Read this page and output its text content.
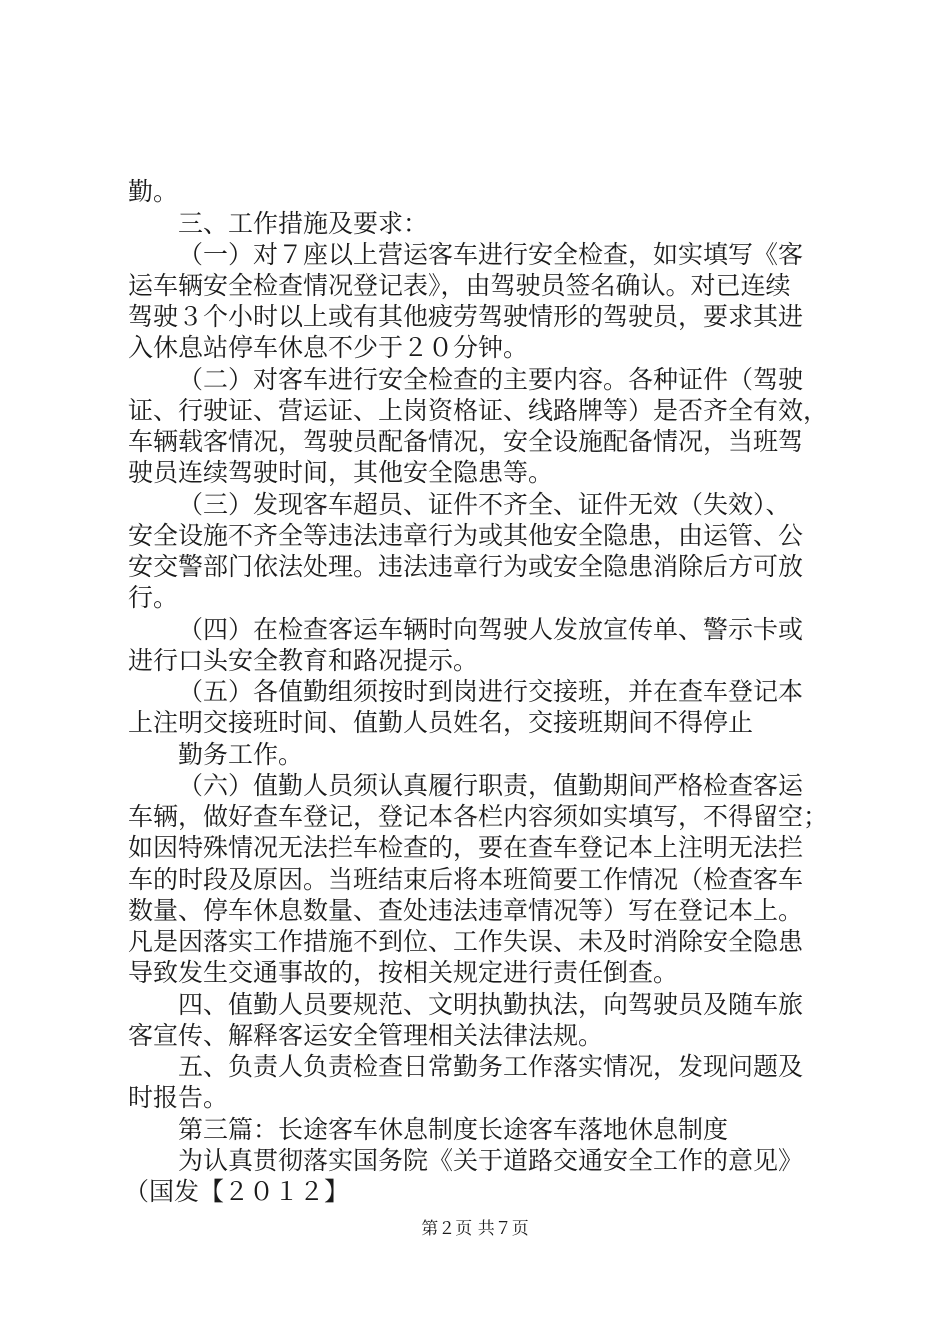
勤。
三、工作措施及要求：
（一）对７座以上营运客车进行安全检查，如实填写《客
运车辆安全检查情况登记表》，由驾驶员签名确认。对已连续
驾驶３个小时以上或有其他疲劳驾驶情形的驾驶员，要求其进
入休息站停车休息不少于２０分钟。
（二）对客车进行安全检查的主要内容。各种证件（驾驶
证、行驶证、营运证、上岗资格证、线路牌等）是否齐全有效，
车辆载客情况，驾驶员配备情况，安全设施配备情况，当班驾
驶员连续驾驶时间，其他安全隐患等。
（三）发现客车超员、证件不齐全、证件无效（失效）、
安全设施不齐全等违法违章行为或其他安全隐患，由运管、公
安交警部门依法处理。违法违章行为或安全隐患消除后方可放
行。
（四）在检查客运车辆时向驾驶人发放宣传单、警示卡或
进行口头安全教育和路况提示。
（五）各值勤组须按时到岗进行交接班，并在查车登记本
上注明交接班时间、值勤人员姓名，交接班期间不得停止
勤务工作。
（六）值勤人员须认真履行职责，值勤期间严格检查客运
车辆，做好查车登记，登记本各栏内容须如实填写，不得留空；
如因特殊情况无法拦车检查的，要在查车登记本上注明无法拦
车的时段及原因。当班结束后将本班简要工作情况（检查客车
数量、停车休息数量、查处违法违章情况等）写在登记本上。
凡是因落实工作措施不到位、工作失误、未及时消除安全隐患
导致发生交通事故的，按相关规定进行责任倒查。
四、值勤人员要规范、文明执勤执法，向驾驶员及随车旅
客宣传、解释客运安全管理相关法律法规。
五、负责人负责检查日常勤务工作落实情况，发现问题及
时报告。
第三篇：长途客车休息制度长途客车落地休息制度
为认真贯彻落实国务院《关于道路交通安全工作的意见》
（国发【２０１２】
第２页 共７页
